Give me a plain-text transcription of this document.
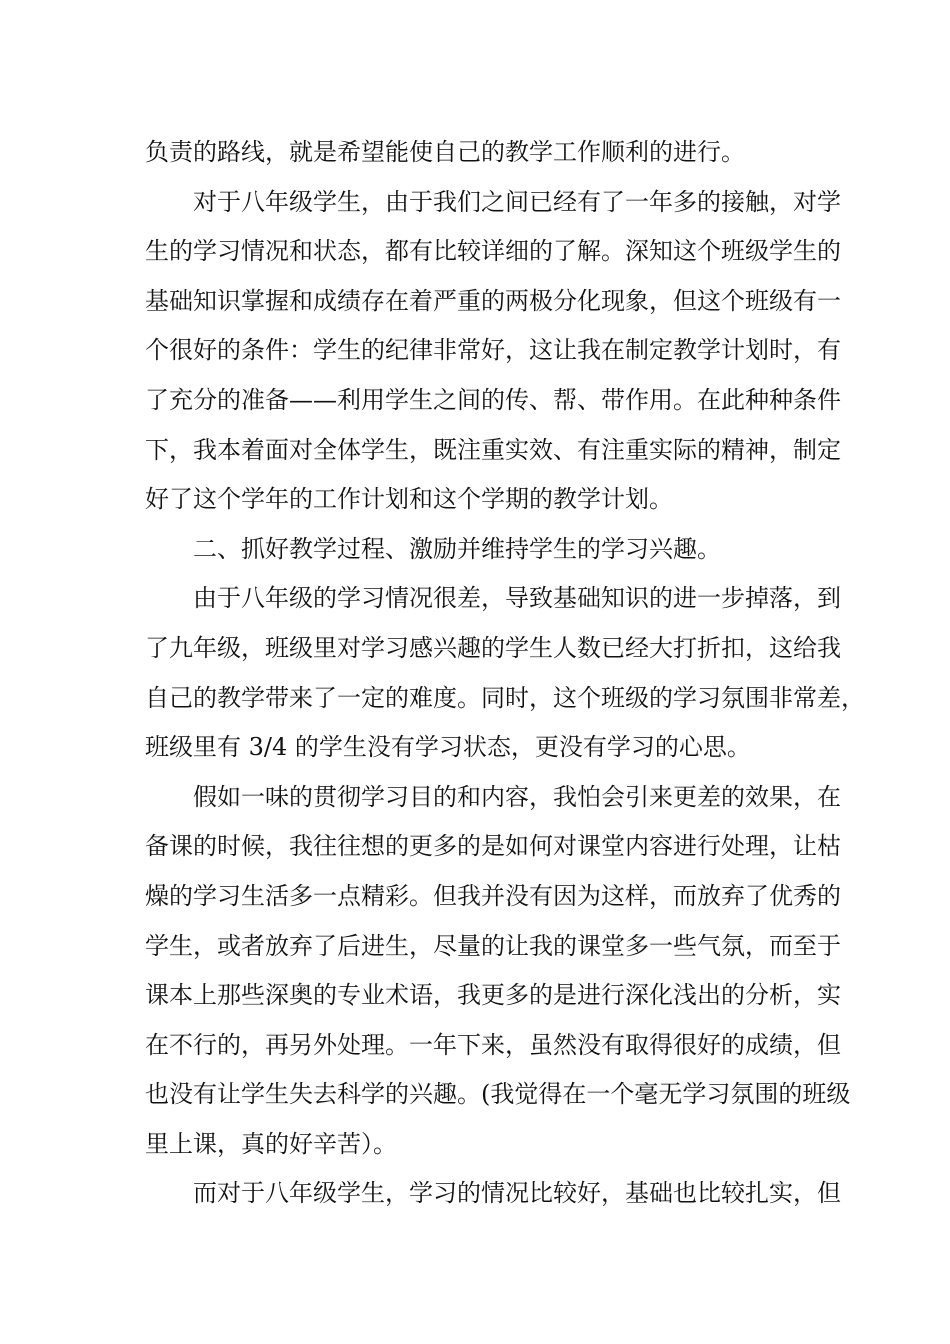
负责的路线，就是希望能使自己的教学工作顺利的进行。
对于八年级学生，由于我们之间已经有了一年多的接触，对学
生的学习情况和状态，都有比较详细的了解。深知这个班级学生的
基础知识掌握和成绩存在着严重的两极分化现象，但这个班级有一
个很好的条件：学生的纪律非常好，这让我在制定教学计划时，有
了充分的准备——利用学生之间的传、帮、带作用。在此种种条件
下，我本着面对全体学生，既注重实效、有注重实际的精神，制定
好了这个学年的工作计划和这个学期的教学计划。
二、抓好教学过程、激励并维持学生的学习兴趣。
由于八年级的学习情况很差，导致基础知识的进一步掉落，到
了九年级，班级里对学习感兴趣的学生人数已经大打折扣，这给我
自己的教学带来了一定的难度。同时，这个班级的学习氛围非常差，
班级里有 3/4 的学生没有学习状态，更没有学习的心思。
假如一味的贯彻学习目的和内容，我怕会引来更差的效果，在
备课的时候，我往往想的更多的是如何对课堂内容进行处理，让枯
燥的学习生活多一点精彩。但我并没有因为这样，而放弃了优秀的
学生，或者放弃了后进生，尽量的让我的课堂多一些气氛，而至于
课本上那些深奥的专业术语，我更多的是进行深化浅出的分析，实
在不行的，再另外处理。一年下来，虽然没有取得很好的成绩，但
也没有让学生失去科学的兴趣。(我觉得在一个毫无学习氛围的班级
里上课，真的好辛苦）。
而对于八年级学生，学习的情况比较好，基础也比较扎实，但
